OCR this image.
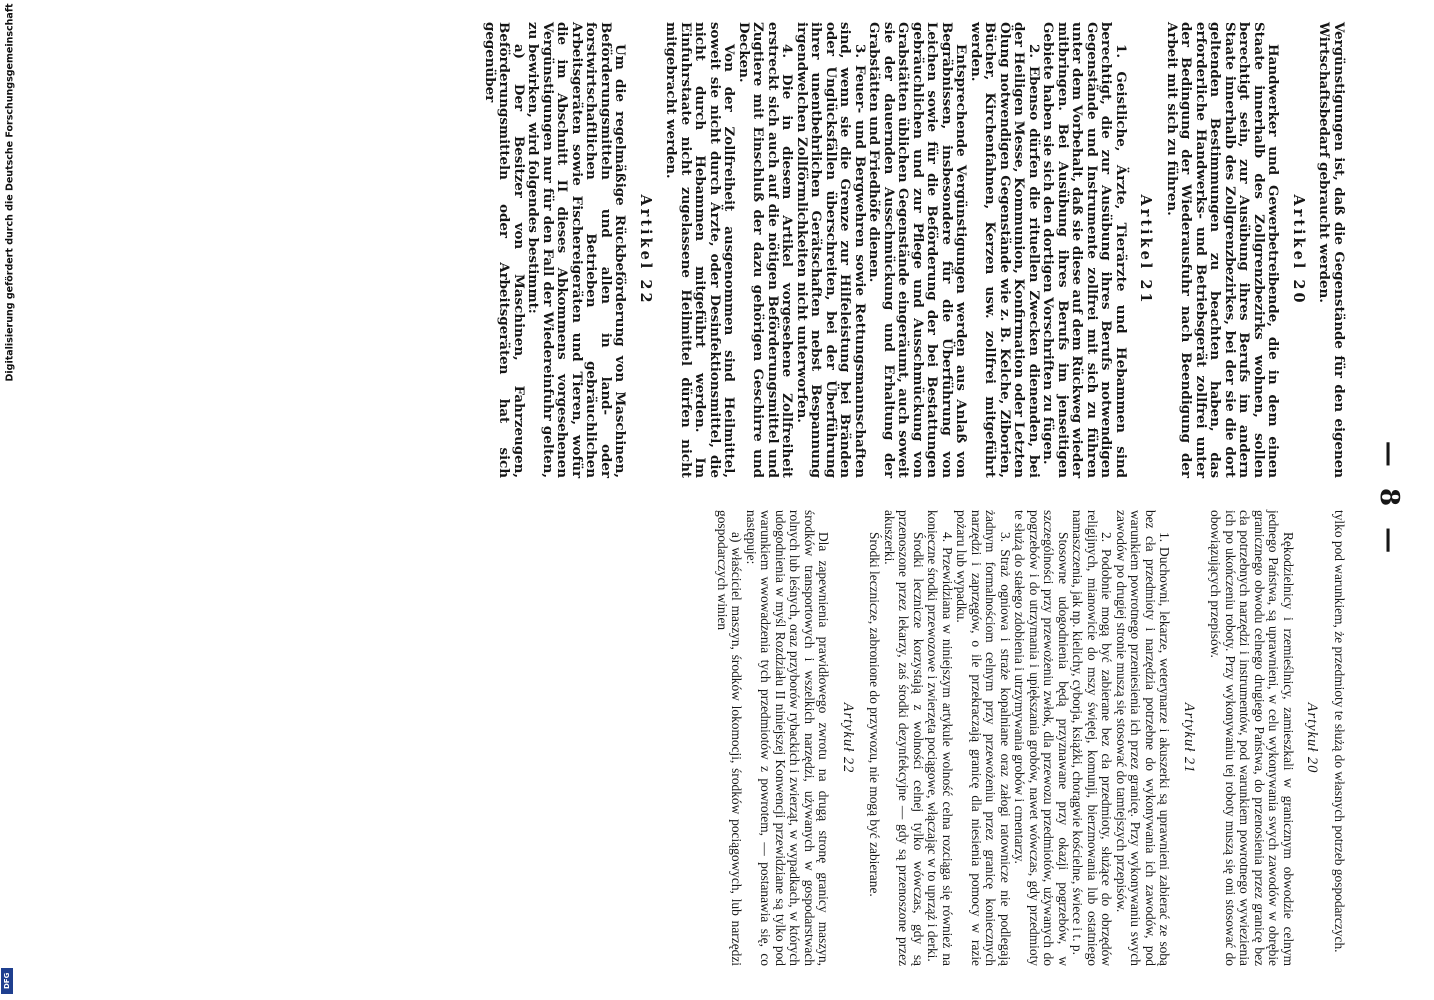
— 8 —

Vergünstigungen ist, daß die Gegenstände für den eigenen Wirtschaftsbedarf gebraucht werden.

Artikel 20

Handwerker und Gewerbetreibende, die in dem einen Staate innerhalb des Zollgrenzbezirks wohnen, sollen berechtigt sein, zur Ausübung ihres Berufs im andern Staate innerhalb des Zollgrenzbezirkes, bei der sie die dort geltenden Bestimmungen zu beachten haben, das erforderliche Handwerks- und Betriebsgerät zollfrei unter der Bedingung der Wiederausfuhr nach Beendigung der Arbeit mit sich zu führen.

Artikel 21

1. Geistliche, Ärzte, Tierärzte und Hebammen sind berechtigt, die zur Ausübung ihres Berufs notwendigen Gegenstände und Instrumente zollfrei mit sich zu führen unter dem Vorbehalt, daß sie diese auf dem Rückweg wieder mitbringen. Bei Ausübung ihres Berufs im jenseitigen Gebiete haben sie sich den dortigen Vorschriften zu fügen.

2. Ebenso dürfen die rituellen Zwecken dienenden, bei der Heiligen Messe, Kommunion, Konfirmation oder Letzten Ölung notwendigen Gegenstände wie z. B. Kelche, Ziborien, Bücher, Kirchenfahnen, Kerzen usw. zollfrei mitgeführt werden.

Entsprechende Vergünstigungen werden aus Anlaß von Begräbnissen, insbesondere für die Überführung von Leichen sowie für die Beförderung der bei Bestattungen gebräuchlichen und zur Pflege und Ausschmückung von Grabstätten üblichen Gegenstände eingeräumt, auch soweit sie der dauernden Ausschmückung und Erhaltung der Grabstätten und Friedhöfe dienen.

3. Feuer- und Bergwehren sowie Rettungsmannschaften sind, wenn sie die Grenze zur Hilfeleistung bei Bränden oder Unglücksfällen überschreiten, bei der Überführung ihrer unentbehrlichen Gerätschaften nebst Bespannung irgendwelchen Zollförmlichkeiten nicht unterworfen.

4. Die in diesem Artikel vorgesehene Zollfreiheit erstreckt sich auch auf die nötigen Beförderungsmittel und Zugtiere mit Einschluß der dazu gehörigen Geschirre und Decken.

Von der Zollfreiheit ausgenommen sind Heilmittel, soweit sie nicht durch Ärzte, oder Desinfektionsmittel, die nicht durch Hebammen mitgeführt werden. Im Einfuhrstaate nicht zugelassene Heilmittel dürfen nicht mitgebracht werden.

Artikel 22

Um die regelmäßige Rückbeförderung von Maschinen, Beförderungsmitteln und allen in land- oder forstwirtschaftlichen Betrieben gebräuchlichen Arbeitsgeräten sowie Fischereigeräten und Tieren, wofür die im Abschnitt II dieses Abkommens vorgesehenen Vergünstigungen nur für den Fall der Wiedereinfuhr gelten, zu bewirken, wird folgendes bestimmt:

a) Der Besitzer von Maschinen, Fahrzeugen, Beförderungsmitteln oder Arbeitsgeräten hat sich gegenüber

tylko pod warunkiem, że przedmioty te służą do własnych potrzeb gospodarczych.

Artykuł 20

Rękodzielnicy i rzemieślnicy, zamieszkali w granicznym obwodzie celnym jednego Państwa, są uprawnieni, w celu wykonywania swych zawodów w obrębie granicznego obwodu celnego drugiego Państwa, do przenosienia przez granicę bez cła potrzebnych narzędzi i instrumentów, pod warunkiem powrotnego wywiezienia ich po ukończeniu roboty. Przy wykonywaniu tej roboty muszą się oni stosować do obowiązujących przepisów.

Artykuł 21

1. Duchowni, lekarze, weterynarze i akuszerki są uprawnieni zabierać ze sobą bez cła przedmioty i narzędzia potrzebne do wykonywania ich zawodów, pod warunkiem powrotnego przeniesienia ich przez granicę. Przy wykonywaniu swych zawodów po drugiej stronie muszą się stosować do tamtejszych przepisów.

2. Podobnie mogą być zabierane bez cła przedmioty, służące do obrzędów religijnych, mianowicie do mszy świętej, komunji, bierzmowania lub ostatniego namaszczenia, jak np. kielichy, cyborja, książki, chorągwie kościelne, świece i t. p.

Stosowne udogodnienia będą przyznawane przy okazji pogrzebów, w szczególności przy przewożeniu zwłok, dla przewozu przedmiotów, używanych do pogrzebów i do utrzymania i upiększania grobów, nawet wówczas, gdy przedmioty te służą do stałego zdobienia i utrzymywania grobów i cmentarzy.

3. Straż ogniowa i straże kopalniane oraz załogi ratownicze nie podlegają żadnym formalnościom celnym przy przewożeniu przez granicę koniecznych narzędzi i zaprzęgów, o ile przekraczają granicę dla niesienia pomocy w razie pożaru lub wypadku.

4. Przewidziana w niniejszym artykule wolność celna rozciąga się również na konieczne środki przewozowe i zwierzęta pociągowe, włączając w to uprząż i derki.

Środki lecznicze korzystają z wolności celnej tylko wówczas, gdy są przenoszone przez lekarzy, zaś środki dezynfekcyjne — gdy są przenoszone przez akuszerki.

Środki lecznicze, zabronione do przywozu, nie mogą być zabierane.

Artykuł 22

Dla zapewnienia prawidłowego zwrotu na drugą stronę granicy maszyn, środków transportowych i wszelkich narzędzi, używanych w gospodarstwach rolnych lub leśnych, oraz przyborów rybackich i zwierząt, w wypadkach, w których udogodnienia w myśl Rozdziału II niniejszej Konwencji przewidziane są tylko pod warunkiem wwowadzenia tych przedmiotów z powrotem, — postanawia się, co następuje:

a) właściciel maszyn, środków lokomocji, środków pociągowych, lub narzędzi gospodarczych winien

Digitalisierung gefördert durch die Deutsche Forschungsgemeinschaft
DFG
